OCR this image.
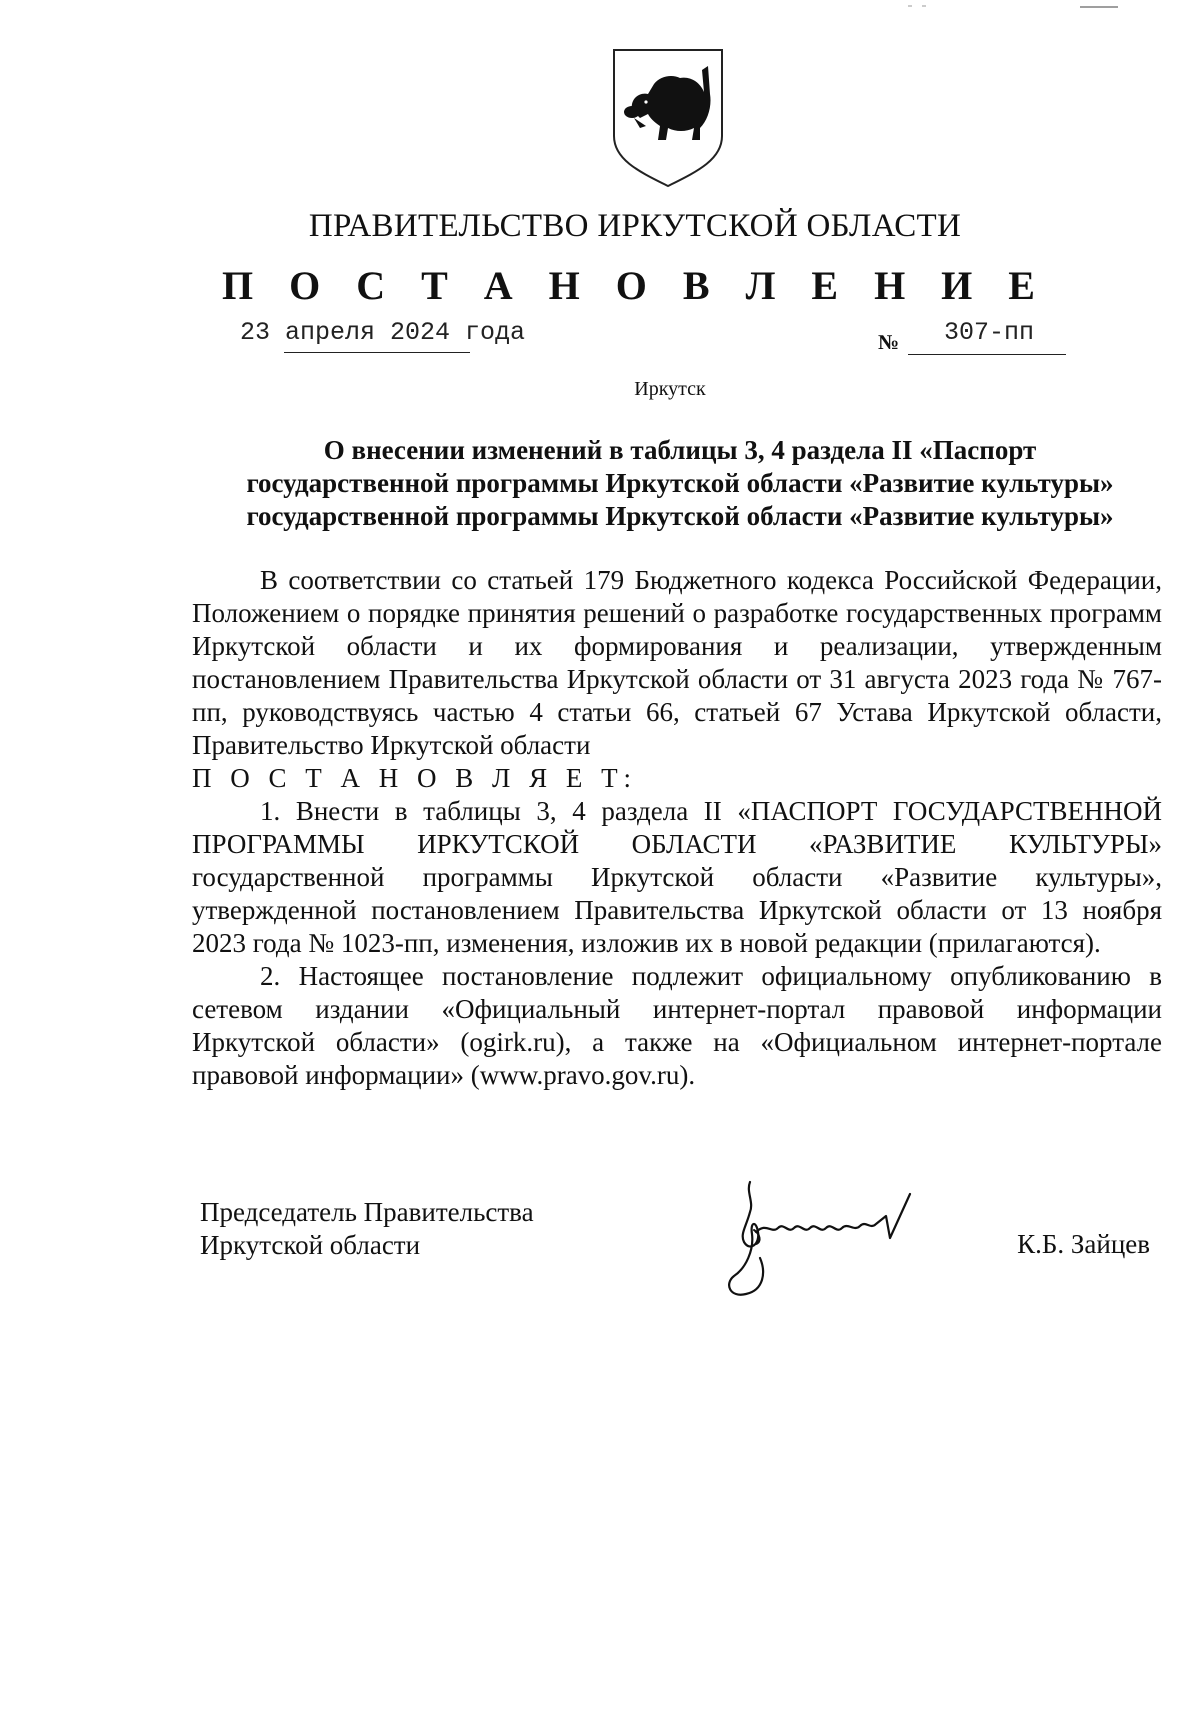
ПРАВИТЕЛЬСТВО ИРКУТСКОЙ ОБЛАСТИ
П О С Т А Н О В Л Е Н И Е
23 апреля 2024 года	№ 307-пп
Иркутск
О внесении изменений в таблицы 3, 4 раздела II «Паспорт
государственной программы Иркутской области «Развитие культуры»
государственной программы Иркутской области «Развитие культуры»

В соответствии со статьей 179 Бюджетного кодекса Российской Федерации, Положением о порядке принятия решений о разработке государственных программ Иркутской области и их формирования и реализации, утвержденным постановлением Правительства Иркутской области от 31 августа 2023 года № 767-пп, руководствуясь частью 4 статьи 66, статьей 67 Устава Иркутской области, Правительство Иркутской области

П О С Т А Н О В Л Я Е Т:

1. Внести в таблицы 3, 4 раздела II «ПАСПОРТ ГОСУДАРСТВЕННОЙ ПРОГРАММЫ ИРКУТСКОЙ ОБЛАСТИ «РАЗВИТИЕ КУЛЬТУРЫ» государственной программы Иркутской области «Развитие культуры», утвержденной постановлением Правительства Иркутской области от 13 ноября 2023 года № 1023-пп, изменения, изложив их в новой редакции (прилагаются).

2. Настоящее постановление подлежит официальному опубликованию в сетевом издании «Официальный интернет-портал правовой информации Иркутской области» (ogirk.ru), а также на «Официальном интернет-портале правовой информации» (www.pravo.gov.ru).

Председатель Правительства
Иркутской области	К.Б. Зайцев
